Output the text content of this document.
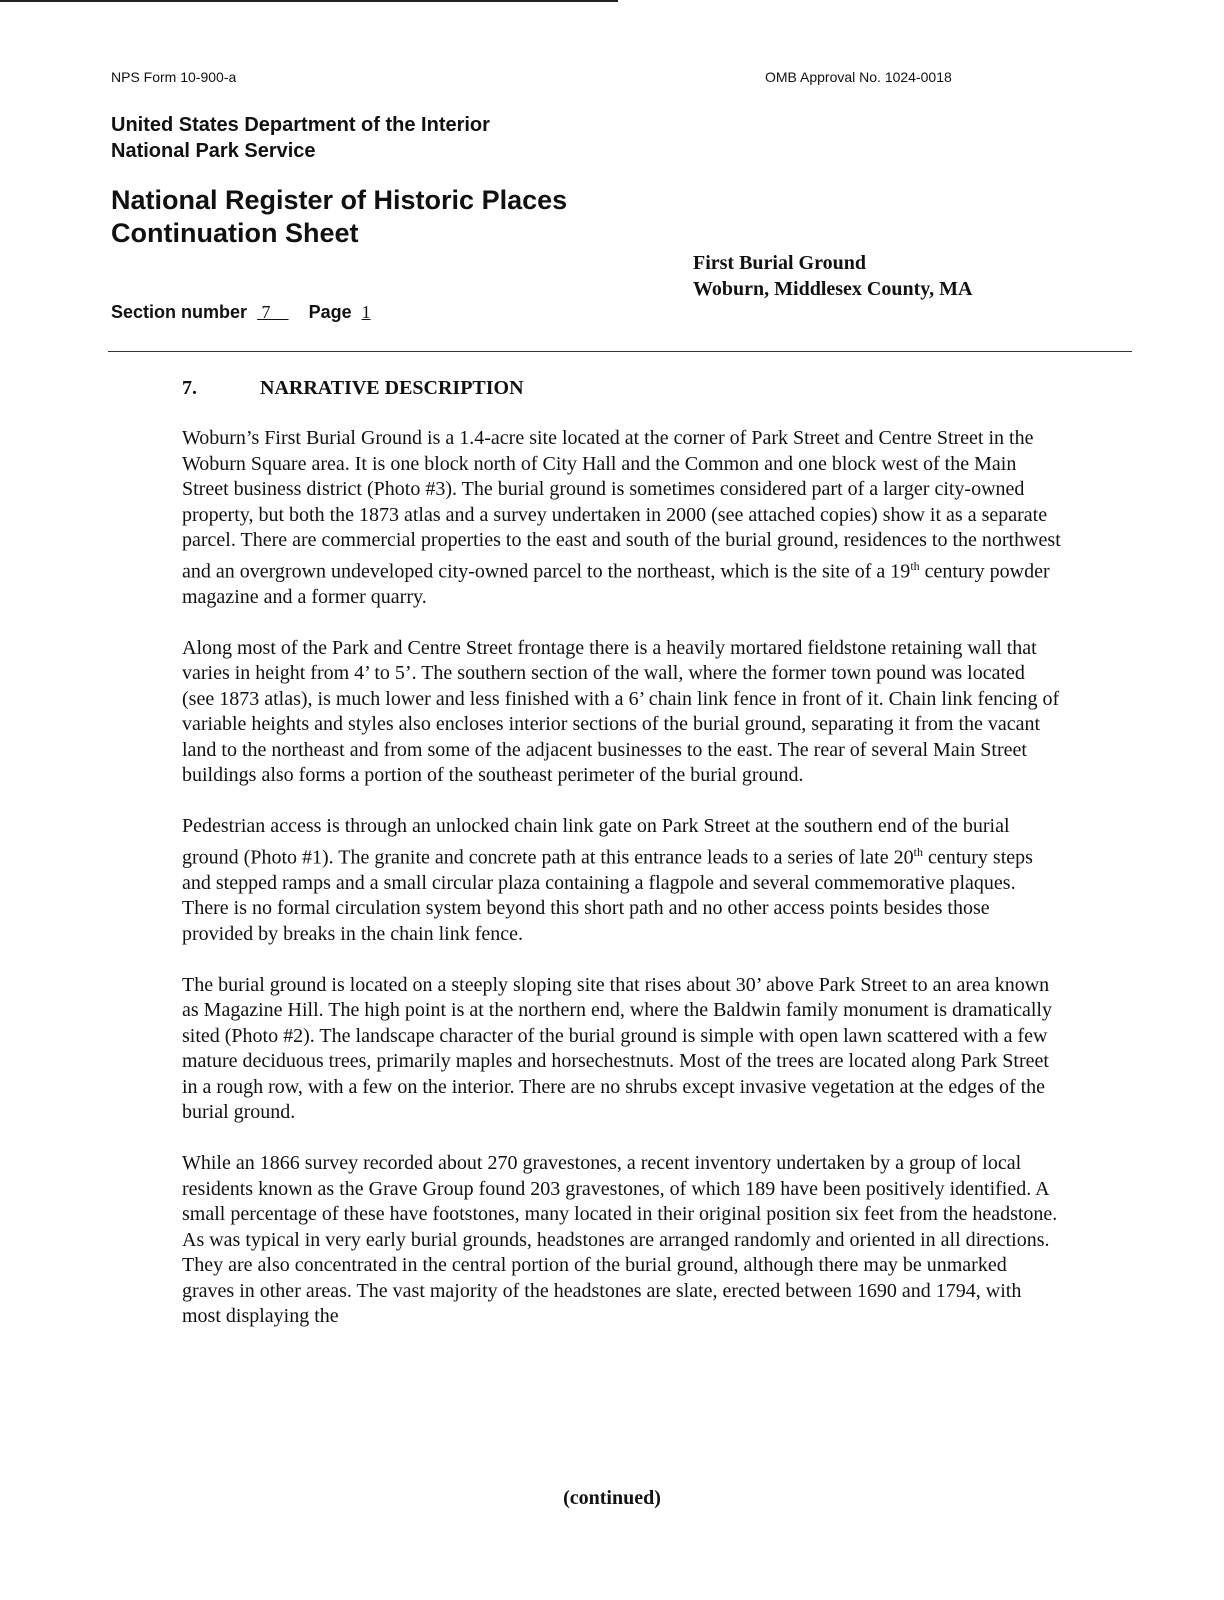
NPS Form 10-900-a	OMB Approval No. 1024-0018
United States Department of the Interior
National Park Service
National Register of Historic Places
Continuation Sheet
First Burial Ground
Woburn, Middlesex County, MA
Section number 7 Page 1
7.	NARRATIVE DESCRIPTION

Woburn’s First Burial Ground is a 1.4-acre site located at the corner of Park Street and Centre Street in the Woburn Square area. It is one block north of City Hall and the Common and one block west of the Main Street business district (Photo #3). The burial ground is sometimes considered part of a larger city-owned property, but both the 1873 atlas and a survey undertaken in 2000 (see attached copies) show it as a separate parcel. There are commercial properties to the east and south of the burial ground, residences to the northwest and an overgrown undeveloped city-owned parcel to the northeast, which is the site of a 19th century powder magazine and a former quarry.

Along most of the Park and Centre Street frontage there is a heavily mortared fieldstone retaining wall that varies in height from 4’ to 5’. The southern section of the wall, where the former town pound was located (see 1873 atlas), is much lower and less finished with a 6’ chain link fence in front of it. Chain link fencing of variable heights and styles also encloses interior sections of the burial ground, separating it from the vacant land to the northeast and from some of the adjacent businesses to the east. The rear of several Main Street buildings also forms a portion of the southeast perimeter of the burial ground.

Pedestrian access is through an unlocked chain link gate on Park Street at the southern end of the burial ground (Photo #1). The granite and concrete path at this entrance leads to a series of late 20th century steps and stepped ramps and a small circular plaza containing a flagpole and several commemorative plaques. There is no formal circulation system beyond this short path and no other access points besides those provided by breaks in the chain link fence.

The burial ground is located on a steeply sloping site that rises about 30’ above Park Street to an area known as Magazine Hill. The high point is at the northern end, where the Baldwin family monument is dramatically sited (Photo #2). The landscape character of the burial ground is simple with open lawn scattered with a few mature deciduous trees, primarily maples and horsechestnuts. Most of the trees are located along Park Street in a rough row, with a few on the interior. There are no shrubs except invasive vegetation at the edges of the burial ground.

While an 1866 survey recorded about 270 gravestones, a recent inventory undertaken by a group of local residents known as the Grave Group found 203 gravestones, of which 189 have been positively identified. A small percentage of these have footstones, many located in their original position six feet from the headstone. As was typical in very early burial grounds, headstones are arranged randomly and oriented in all directions. They are also concentrated in the central portion of the burial ground, although there may be unmarked graves in other areas. The vast majority of the headstones are slate, erected between 1690 and 1794, with most displaying the

(continued)
